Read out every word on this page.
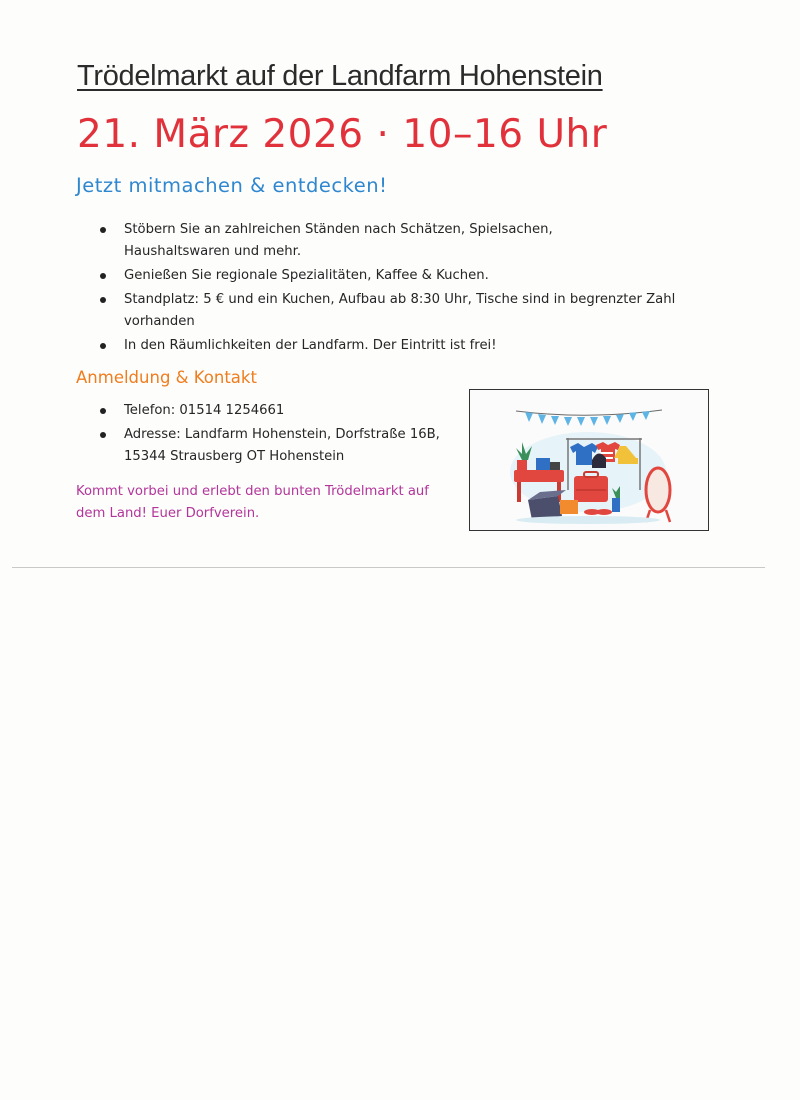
Trödelmarkt auf der Landfarm Hohenstein
21. März 2026 · 10–16 Uhr
Jetzt mitmachen & entdecken!
Stöbern Sie an zahlreichen Ständen nach Schätzen, Spielsachen, Haushaltswaren und mehr.
Genießen Sie regionale Spezialitäten, Kaffee & Kuchen.
Standplatz: 5 € und ein Kuchen, Aufbau ab 8:30 Uhr, Tische sind in begrenzter Zahl vorhanden
In den Räumlichkeiten der Landfarm. Der Eintritt ist frei!
Anmeldung & Kontakt
Telefon: 01514 1254661
Adresse: Landfarm Hohenstein, Dorfstraße 16B, 15344 Strausberg OT Hohenstein
Kommt vorbei und erlebt den bunten Trödelmarkt auf dem Land! Euer Dorfverein.
